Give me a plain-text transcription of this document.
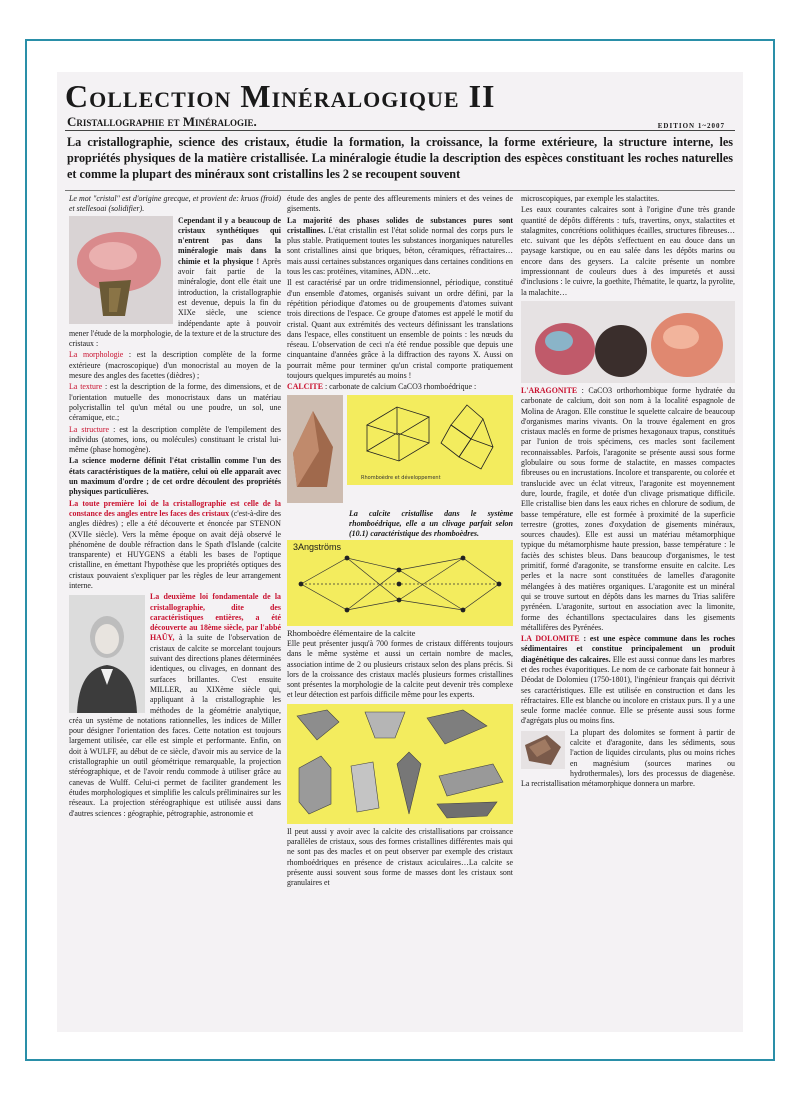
Collection Minéralogique II
Cristallographie et Minéralogie.	EDITION 1~2007
La cristallographie, science des cristaux, étudie la formation, la croissance, la forme extérieure, la structure interne, les propriétés physiques de la matière cristallisée. La minéralogie étudie la description des espèces constituant les roches naturelles et comme la plupart des minéraux sont cristallins les 2 se recoupent souvent

Le mot "cristal" est d'origine grecque, et provient de: kruos (froid) et stellesoai (solidifier).

Cependant il y a beaucoup de cristaux synthétiques qui n'entrent pas dans la minéralogie mais dans la chimie et la physique ! Après avoir fait partie de la minéralogie, dont elle était une introduction, la cristallographie est devenue, depuis la fin du XIXe siècle, une science indépendante apte à pouvoir mener l'étude de la morphologie, de la texture et de la structure des cristaux :

La morphologie : est la description complète de la forme extérieure (macroscopique) d'un monocristal au moyen de la mesure des angles des facettes (dièdres) ;

La texture : est la description de la forme, des dimensions, et de l'orientation mutuelle des monocristaux dans un matériau polycristallin tel qu'un métal ou une poudre, un sol, une céramique, etc.;

La structure : est la description complète de l'empilement des individus (atomes, ions, ou molécules) constituant le cristal lui-même (phase homogène).

La science moderne définit l'état cristallin comme l'un des états caractéristiques de la matière, celui où elle apparaît avec un maximum d'ordre ; de cet ordre découlent des propriétés physiques particulières.

La toute première loi de la cristallographie est celle de la constance des angles entre les faces des cristaux (c'est-à-dire des angles dièdres) ; elle a été découverte et énoncée par STENON (XVIIe siècle). Vers la même époque on avait déjà observé le phénomène de double réfraction dans le Spath d'Islande (calcite transparente) et HUYGENS a établi les bases de l'optique cristalline, en émettant l'hypothèse que les propriétés optiques des cristaux pouvaient s'expliquer par les règles de leur arrangement interne.

La deuxième loi fondamentale de la cristallographie, dite des caractéristiques entières, a été découverte au 18ème siècle, par l'abbé HAÜY, à la suite de l'observation de cristaux de calcite se morcelant toujours suivant des directions planes déterminées identiques, ou clivages, en donnant des surfaces brillantes. C'est ensuite MILLER, au XIXème siècle qui, appliquant à la cristallographie les méthodes de la géométrie analytique, créa un système de notations rationnelles, les indices de Miller pour désigner l'orientation des faces. Cette notation est toujours largement utilisée, car elle est simple et performante. Enfin, on doit à WULFF, au début de ce siècle, d'avoir mis au service de la cristallographie un outil géométrique remarquable, la projection stéréographique, et de l'avoir rendu commode à utiliser grâce au canevas de Wulff. Celui-ci permet de faciliter grandement les études morphologiques et simplifie les calculs préliminaires sur les réseaux. La projection stéréographique est utilisée aussi dans d'autres sciences : géographie, pétrographie, astronomie et

étude des angles de pente des affleurements miniers et des veines de gisements.

La majorité des phases solides de substances pures sont cristallines. L'état cristallin est l'état solide normal des corps purs le plus stable. Pratiquement toutes les substances inorganiques naturelles sont cristallines ainsi que briques, béton, céramiques, réfractaires…mais aussi certaines substances organiques dans certaines conditions en tous les cas: protéines, vitamines, ADN…etc.

Il est caractérisé par un ordre tridimensionnel, périodique, constitué d'un ensemble d'atomes, organisés suivant un ordre défini, par la répétition périodique d'atomes ou de groupements d'atomes suivant trois directions de l'espace. Ce groupe d'atomes est appelé le motif du cristal. Quant aux extrémités des vecteurs définissant les translations dans l'espace, elles constituent un ensemble de points : les nœuds du réseau. L'observation de ceci n'a été rendue possible que depuis une cinquantaine d'années grâce à la diffraction des rayons X. Aussi on pourrait même pour terminer qu'un cristal comporte pratiquement toujours quelques impuretés au moins !

CALCITE : carbonate de calcium CaCO3 rhomboédrique :

Rhomboèdre et développement

La calcite cristallise dans le système rhomboédrique, elle a un clivage parfait selon (10.1) caractéristique des rhomboèdres.

3Angströms

Rhomboèdre élémentaire de la calcite

Elle peut présenter jusqu'à 700 formes de cristaux différents toujours dans le même système et aussi un certain nombre de macles, association intime de 2 ou plusieurs cristaux selon des plans précis. Si lors de la croissance des cristaux maclés plusieurs formes cristallines sont présentes la morphologie de la calcite peut devenir très complexe et leur détection est parfois difficile même pour les experts.

Il peut aussi y avoir avec la calcite des cristallisations par croissance parallèles de cristaux, sous des formes cristallines différentes mais qui ne sont pas des macles et on peut observer par exemple des cristaux rhomboédriques en présence de cristaux aciculaires…La calcite se présente aussi souvent sous forme de masses dont les cristaux sont granulaires et

microscopiques, par exemple les stalactites.

Les eaux courantes calcaires sont à l'origine d'une très grande quantité de dépôts différents : tufs, travertins, onyx, stalactites et stalagmites, concrétions oolithiques écailles, structures fibreuses…etc. suivant que les dépôts s'effectuent en eau douce dans un paysage karstique, ou en eau salée dans les dépôts marins ou encore dans des geysers. La calcite présente un nombre impressionnant de couleurs dues à des impuretés et aussi d'inclusions : le cuivre, la goethite, l'hématite, le quartz, la pyrolite, la malachite…

L'ARAGONITE : CaCO3 orthorhombique forme hydratée du carbonate de calcium, doit son nom à la localité espagnole de Molina de Aragon. Elle constitue le squelette calcaire de beaucoup d'organismes marins vivants. On la trouve également en gros cristaux maclés en forme de prismes hexagonaux trapus, constitués par l'union de trois spécimens, ces macles sont facilement reconnaissables. Parfois, l'aragonite se présente aussi sous forme globulaire ou sous forme de stalactite, en masses compactes fibreuses ou en incrustations. Incolore et transparente, ou colorée et translucide avec un éclat vitreux, l'aragonite est moyennement dure, lourde, fragile, et dotée d'un clivage prismatique difficile. Elle cristallise bien dans les eaux riches en chlorure de sodium, de basse température, elle est formée à proximité de la superficie terrestre (grottes, zones d'oxydation de gisements minéraux, sources chaudes). Elle est aussi un matériau métamorphique typique du métamorphisme haute pression, basse température : le faciès des schistes bleus. Dans beaucoup d'organismes, le test primitif, formé d'aragonite, se transforme ensuite en calcite. Les perles et la nacre sont constituées de lamelles d'aragonite mélangées à des matières organiques. L'aragonite est un minéral qui se trouve surtout en dépôts dans les marnes du Trias salifère pyrénéen. L'aragonite, surtout en association avec la limonite, forme des échantillons spectaculaires dans les gisements métallifères des Pyrénées.

LA DOLOMITE : est une espèce commune dans les roches sédimentaires et constitue principalement un produit diagénétique des calcaires. Elle est aussi connue dans les marbres et des roches évaporitiques. Le nom de ce carbonate fait honneur à Déodat de Dolomieu (1750-1801), l'ingénieur français qui décrivit ses caractéristiques. Elle est utilisée en construction et dans les réfractaires. Elle est blanche ou incolore en cristaux purs. Il y a une seule forme maclée connue. Elle se présente aussi sous forme d'agrégats plus ou moins fins.

La plupart des dolomites se forment à partir de calcite et d'aragonite, dans les sédiments, sous l'action de liquides circulants, plus ou moins riches en magnésium (sources marines ou hydrothermales), lors des processus de diagenèse. La recristallisation métamorphique donnera un marbre.
